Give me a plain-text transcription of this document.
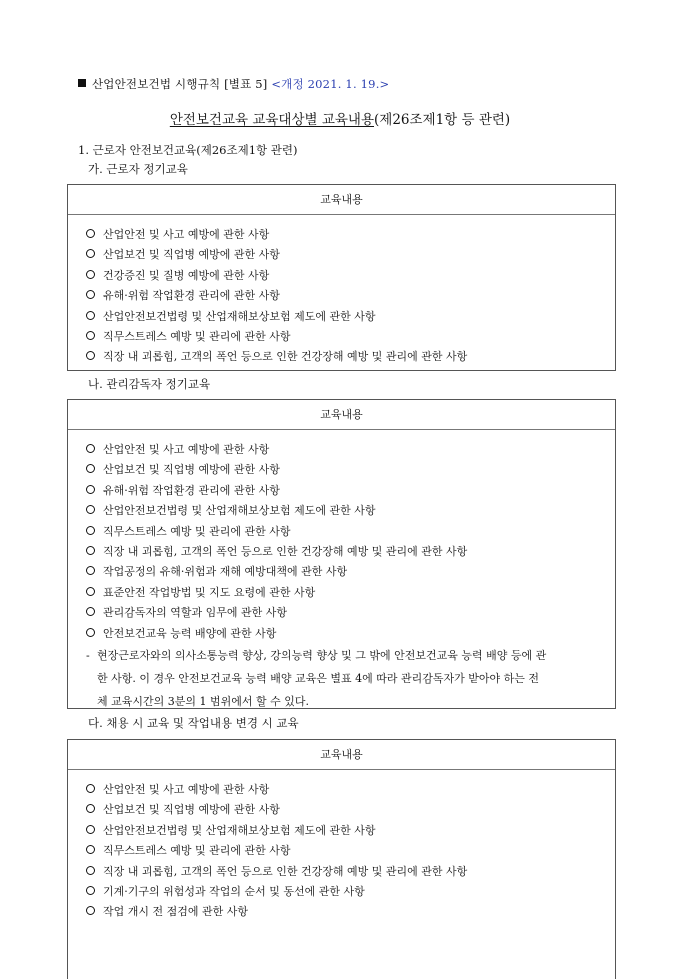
산업안전보건법 시행규칙 [별표 5] <개정 2021. 1. 19.>
안전보건교육 교육대상별 교육내용(제26조제1항 등 관련)
1. 근로자 안전보건교육(제26조제1항 관련)
가. 근로자 정기교육
교육내용
산업안전 및 사고 예방에 관한 사항
산업보건 및 직업병 예방에 관한 사항
건강증진 및 질병 예방에 관한 사항
유해·위험 작업환경 관리에 관한 사항
산업안전보건법령 및 산업재해보상보험 제도에 관한 사항
직무스트레스 예방 및 관리에 관한 사항
직장 내 괴롭힘, 고객의 폭언 등으로 인한 건강장해 예방 및 관리에 관한 사항
나. 관리감독자 정기교육
교육내용
산업안전 및 사고 예방에 관한 사항
산업보건 및 직업병 예방에 관한 사항
유해·위험 작업환경 관리에 관한 사항
산업안전보건법령 및 산업재해보상보험 제도에 관한 사항
직무스트레스 예방 및 관리에 관한 사항
직장 내 괴롭힘, 고객의 폭언 등으로 인한 건강장해 예방 및 관리에 관한 사항
작업공정의 유해·위험과 재해 예방대책에 관한 사항
표준안전 작업방법 및 지도 요령에 관한 사항
관리감독자의 역할과 임무에 관한 사항
안전보건교육 능력 배양에 관한 사항
- 현장근로자와의 의사소통능력 향상, 강의능력 향상 및 그 밖에 안전보건교육 능력 배양 등에 관
한 사항. 이 경우 안전보건교육 능력 배양 교육은 별표 4에 따라 관리감독자가 받아야 하는 전
체 교육시간의 3분의 1 범위에서 할 수 있다.
다. 채용 시 교육 및 작업내용 변경 시 교육
교육내용
산업안전 및 사고 예방에 관한 사항
산업보건 및 직업병 예방에 관한 사항
산업안전보건법령 및 산업재해보상보험 제도에 관한 사항
직무스트레스 예방 및 관리에 관한 사항
직장 내 괴롭힘, 고객의 폭언 등으로 인한 건강장해 예방 및 관리에 관한 사항
기계·기구의 위험성과 작업의 순서 및 동선에 관한 사항
작업 개시 전 점검에 관한 사항
